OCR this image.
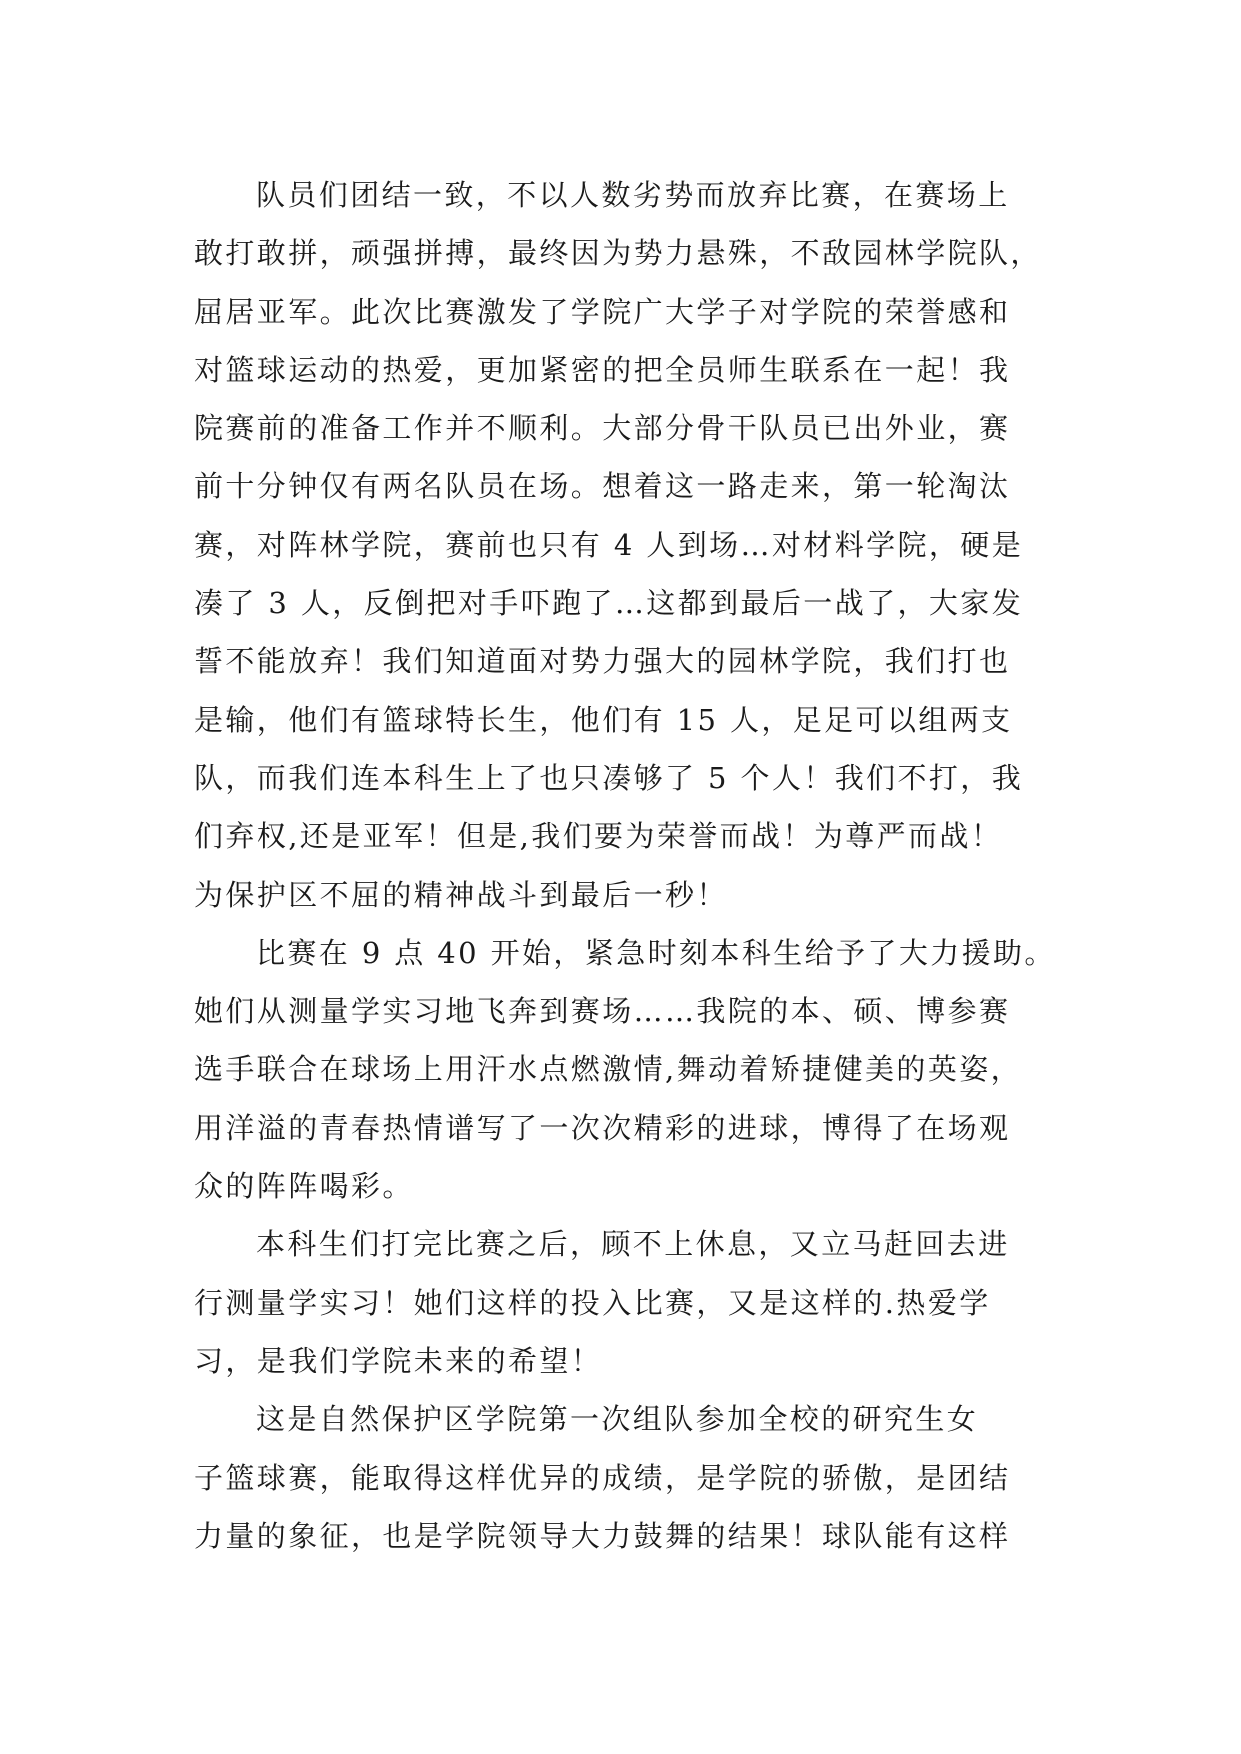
队员们团结一致，不以人数劣势而放弃比赛，在赛场上
敢打敢拼，顽强拼搏，最终因为势力悬殊，不敌园林学院队，
屈居亚军。此次比赛激发了学院广大学子对学院的荣誉感和
对篮球运动的热爱，更加紧密的把全员师生联系在一起！我
院赛前的准备工作并不顺利。大部分骨干队员已出外业，赛
前十分钟仅有两名队员在场。想着这一路走来，第一轮淘汰
赛，对阵林学院，赛前也只有 4 人到场…对材料学院，硬是
凑了 3 人，反倒把对手吓跑了…这都到最后一战了，大家发
誓不能放弃！我们知道面对势力强大的园林学院，我们打也
是输，他们有篮球特长生，他们有 15 人，足足可以组两支
队，而我们连本科生上了也只凑够了 5 个人！我们不打，我
们弃权,还是亚军！但是,我们要为荣誉而战！为尊严而战！
为保护区不屈的精神战斗到最后一秒！
比赛在 9 点 40 开始，紧急时刻本科生给予了大力援助。
她们从测量学实习地飞奔到赛场……我院的本、硕、博参赛
选手联合在球场上用汗水点燃激情,舞动着矫捷健美的英姿，
用洋溢的青春热情谱写了一次次精彩的进球，博得了在场观
众的阵阵喝彩。
本科生们打完比赛之后，顾不上休息，又立马赶回去进
行测量学实习！她们这样的投入比赛，又是这样的.热爱学
习，是我们学院未来的希望！
这是自然保护区学院第一次组队参加全校的研究生女
子篮球赛，能取得这样优异的成绩，是学院的骄傲，是团结
力量的象征，也是学院领导大力鼓舞的结果！球队能有这样
